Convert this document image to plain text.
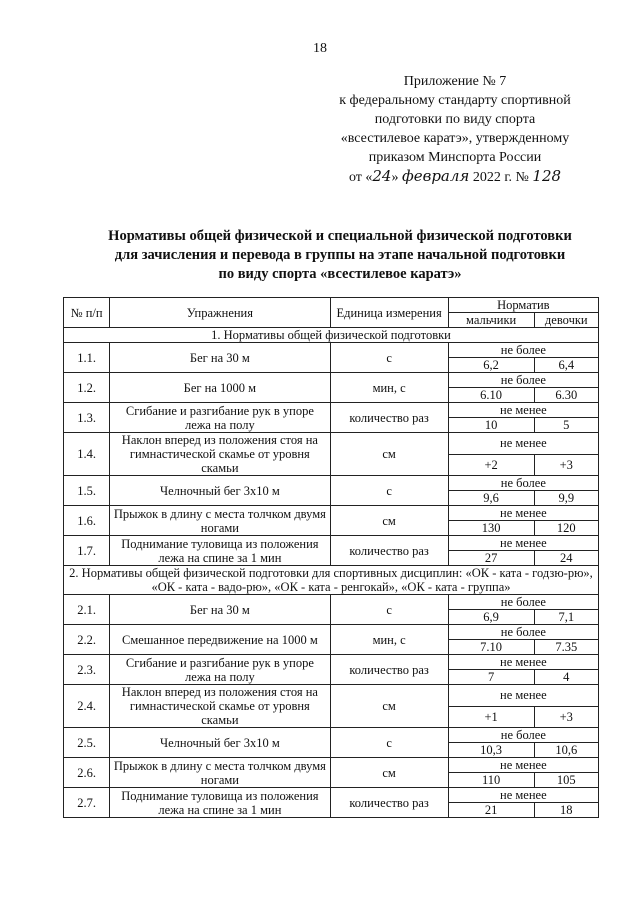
18
Приложение № 7
к федеральному стандарту спортивной
подготовки по виду спорта
«всестилевое каратэ», утвержденному
приказом Минспорта России
от «24» февраля 2022 г. № 128
Нормативы общей физической и специальной физической подготовки
для зачисления и перевода в группы на этапе начальной подготовки
по виду спорта «всестилевое каратэ»
№ п/п	Упражнения	Единица измерения	Норматив	
			мальчики	девочки
1. Нормативы общей физической подготовки				
1.1.	Бег на 30 м	с	не более	
			6,2	6,4
1.2.	Бег на 1000 м	мин, с	не более	
			6.10	6.30
1.3.	Сгибание и разгибание рук в упоре лежа на полу	количество раз	не менее	
			10	5
1.4.	Наклон вперед из положения стоя на гимнастической скамье от уровня скамьи	см	не менее	
			+2	+3
1.5.	Челночный бег 3х10 м	с	не более	
			9,6	9,9
1.6.	Прыжок в длину с места толчком двумя ногами	см	не менее	
			130	120
1.7.	Поднимание туловища из положения лежа на спине за 1 мин	количество раз	не менее	
			27	24
2. Нормативы общей физической подготовки для спортивных дисциплин: «ОК - ката - годзю-рю», «ОК - ката - вадо-рю», «ОК - ката - ренгокай», «ОК - ката - группа»				
2.1.	Бег на 30 м	с	не более	
			6,9	7,1
2.2.	Смешанное передвижение на 1000 м	мин, с	не более	
			7.10	7.35
2.3.	Сгибание и разгибание рук в упоре лежа на полу	количество раз	не менее	
			7	4
2.4.	Наклон вперед из положения стоя на гимнастической скамье от уровня скамьи	см	не менее	
			+1	+3
2.5.	Челночный бег 3х10 м	с	не более	
			10,3	10,6
2.6.	Прыжок в длину с места толчком двумя ногами	см	не менее	
			110	105
2.7.	Поднимание туловища из положения лежа на спине за 1 мин	количество раз	не менее	
			21	18
